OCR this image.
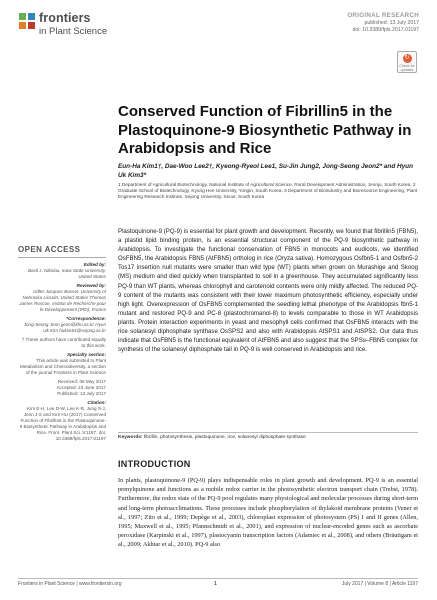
frontiers
in Plant Science
ORIGINAL RESEARCH
published: 13 July 2017
doi: 10.3389/fpls.2017.01197
↻
Check for updates
Conserved Function of Fibrillin5 in the Plastoquinone-9 Biosynthetic Pathway in Arabidopsis and Rice
Eun-Ha Kim1†, Dae-Woo Lee2†, Kyeong-Ryeol Lee1, Su-Jin Jung2, Jong-Seong Jeon2* and Hyun Uk Kim3*
1 Department of Agricultural Biotechnology, National Institute of Agricultural Science, Rural Development Administration, Jeonju, South Korea, 2 Graduate School of Biotechnology, Kyung Hee University, Yongin, South Korea, 3 Department of Bioindustry and Bioresource Engineering, Plant Engineering Research Institute, Sejong University, Seoul, South Korea
OPEN ACCESS
Edited by:
Basil J. Nikolau, Iowa State University, United States
Reviewed by:
Gilles Jacques Basset, University of Nebraska Lincoln, United States Thomas James Roscoe, Institut de Recherche pour le Développement (IRD), France
*Correspondence:
Jong-Seong Jeon jjeon@khu.ac.kr Hyun Uk Kim hukim64@sejong.ac.kr
† These authors have contributed equally to this work.
Specialty section:
This article was submitted to Plant Metabolism and Chemodiversity, a section of the journal Frontiers in Plant Science
Received: 08 May 2017
Accepted: 23 June 2017
Published: 13 July 2017
Citation:
Kim E-H, Lee D-W, Lee K-R, Jung S-J, Jeon J-S and Kim HU (2017) Conserved Function of Fibrillin5 in the Plastoquinone-9 Biosynthetic Pathway in Arabidopsis and Rice. Front. Plant Sci. 8:1197. doi: 10.3389/fpls.2017.01197

Plastoquinone-9 (PQ-9) is essential for plant growth and development. Recently, we found that fibrillin5 (FBN5), a plastid lipid binding protein, is an essential structural component of the PQ-9 biosynthetic pathway in Arabidopsis. To investigate the functional conservation of FBN5 in monocots and eudicots, we identified OsFBN5, the Arabidopsis FBN5 (AtFBN5) ortholog in rice (Oryza sativa). Homozygous Osfbn5-1 and Osfbn5-2 Tos17 insertion null mutants were smaller than wild type (WT) plants when grown on Murashige and Skoog (MS) medium and died quickly when transplanted to soil in a greenhouse. They accumulated significantly less PQ-9 than WT plants, whereas chlorophyll and carotenoid contents were only mildly affected. The reduced PQ-9 content of the mutants was consistent with their lower maximum photosynthetic efficiency, especially under high light. Overexpression of OsFBN5 complemented the seedling lethal phenotype of the Arabidopsis fbn5-1 mutant and restored PQ-9 and PC-8 (plastochromanol-8) to levels comparable to those in WT Arabidopsis plants. Protein interaction experiments in yeast and mesophyll cells confirmed that OsFBN5 interacts with the rice solanesyl diphosphate synthase OsSPS2 and also with Arabidopsis AtSPS1 and AtSPS2. Our data thus indicate that OsFBN5 is the functional equivalent of AtFBN5 and also suggest that the SPSs–FBN5 complex for synthesis of the solanesyl diphosphate tail in PQ-9 is well conserved in Arabidopsis and rice.

Keywords: fibrillin, photosynthesis, plastoquinone, rice, solanesyl diphosphate synthase
INTRODUCTION

In plants, plastoquinone-9 (PQ-9) plays indispensable roles in plant growth and development. PQ-9 is an essential prenylquinone and functions as a mobile redox carrier in the photosynthetic electron transport chain (Trebst, 1978). Furthermore, the redox state of the PQ-9 pool regulates many physiological and molecular processes during short-term and long-term photoacclimations. These processes include phosphorylation of thylakoid membrane proteins (Vener et al., 1997; Zito et al., 1999; Depège et al., 2003), chloroplast expression of photosystem (PS) I and II genes (Allen, 1995; Maxwell et al., 1995; Pfannschmidt et al., 2001), and expression of nuclear-encoded genes such as ascorbate peroxidase (Karpinski et al., 1997), plastocyanin transcription factors (Adamiec et al., 2008), and others (Bräutigam et al., 2009; Akhtar et al., 2010). PQ-9 also

Frontiers in Plant Science | www.frontiersin.org	1	July 2017 | Volume 8 | Article 1197
